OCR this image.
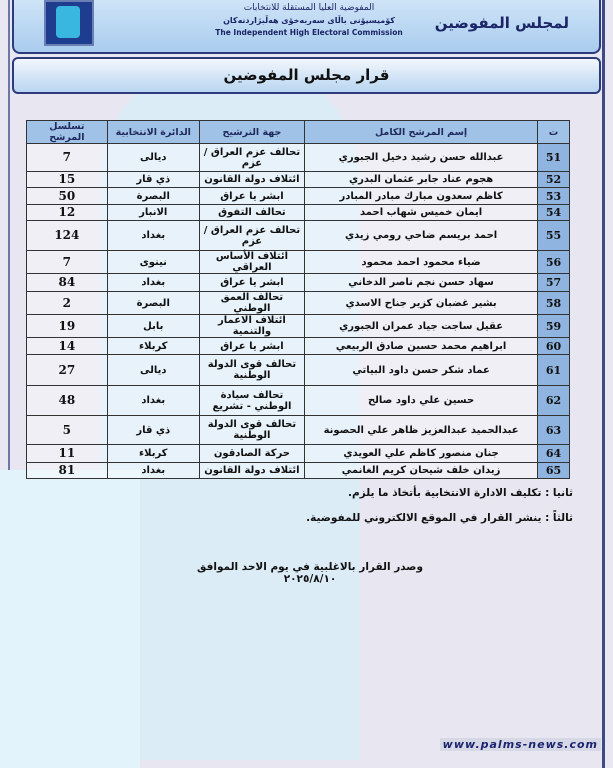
المفوضية العليا المستقلة للانتخابات
كۆمیسیۆنی باڵای سەربەخۆی هەڵبژاردنەكان
The Independent High Electoral Commission
لمجلس المفوضين
قرار مجلس المفوضين
ت	إسم المرشح الكامل	جهة الترشيح	الدائرة الانتخابية	تسلسل المرشح
51	عبدالله حسن رشيد دخيل الجبوري	تحالف عزم العراق /عزم	ديالى	7
52	هجوم عناد جابر عثمان البدري	ائتلاف دولة القانون	ذي قار	15
53	كاظم سعدون مبارك مبادر المبادر	ابشر يا عراق	البصرة	50
54	ايمان خميس شهاب احمد	تحالف التفوق	الانبار	12
55	احمد بريسم ضاحي رومي زيدي	تحالف عزم العراق /عزم	بغداد	124
56	ضياء محمود احمد محمود	ائتلاف الأساس العراقي	نينوى	7
57	سهاد حسن نجم ناصر الدخاني	ابشر يا عراق	بغداد	84
58	بشير غضبان كزير جناح الاسدي	تحالف العمق الوطني	البصرة	2
59	عقيل ساجت جياد عمران الجبوري	ائتلاف الاعمار والتنمية	بابل	19
60	ابراهيم محمد حسين صادق الربيعي	ابشر يا عراق	كربلاء	14
61	عماد شكر حسن داود البياتي	تحالف قوى الدولة الوطنية	ديالى	27
62	حسين علي داود صالح	تحالف سيادة الوطني - تشريع	بغداد	48
63	عبدالحميد عبدالعزيز ظاهر علي الحصونة	تحالف قوى الدولة الوطنية	ذي قار	5
64	جنان منصور كاظم علي العويدي	حركة الصادقون	كربلاء	11
65	زيدان خلف شيحان كريم الغانمي	ائتلاف دولة القانون	بغداد	81
ثانيا : تكليف الادارة الانتخابية بأتخاذ ما يلزم.
ثالثاً : ينشر القرار في الموقع الالكتروني للمفوضية.
وصدر القرار بالاغلبية في يوم الاحد الموافق ٢٠٢٥/٨/١٠
www.palms-news.com
